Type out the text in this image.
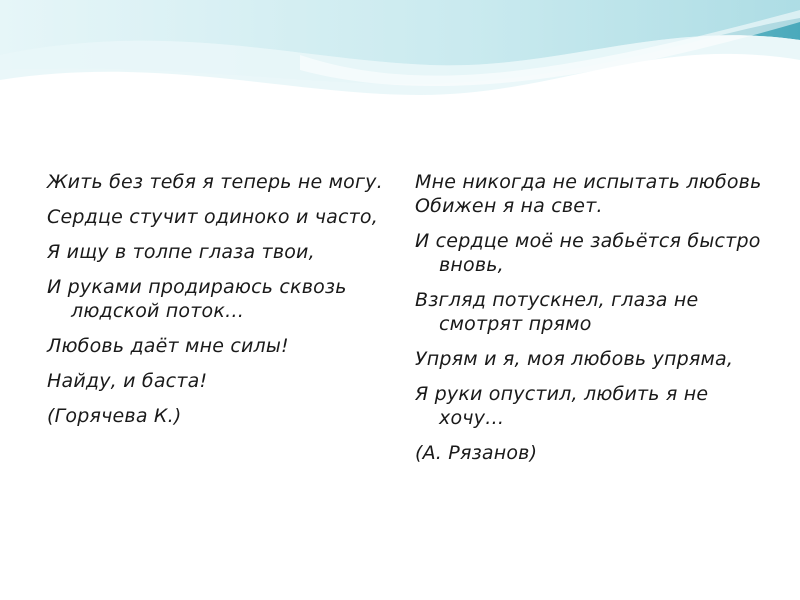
Жить без тебя я теперь не могу.

Сердце стучит одиноко и часто,

Я ищу в толпе глаза твои,

И руками продираюсь сквозь людской поток…

Любовь даёт мне силы!

Найду, и баста!

(Горячева К.)

Мне никогда не испытать любовь
Обижен я на свет.

И сердце моё не забьётся быстро вновь,

Взгляд потускнел, глаза не смотрят прямо

Упрям и я, моя любовь упряма,

Я руки опустил, любить я не хочу…

(А. Рязанов)
